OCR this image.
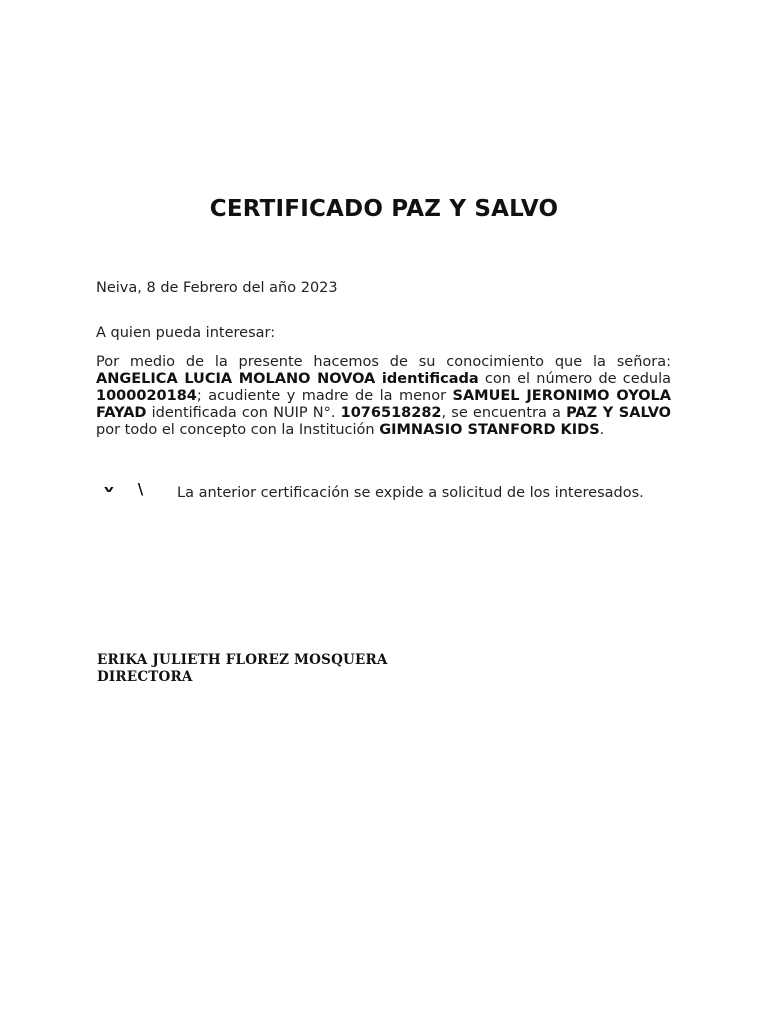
CERTIFICADO PAZ Y SALVO
Neiva, 8 de Febrero del año 2023
A quien pueda interesar:
Por medio de la presente hacemos de su conocimiento que la señora: ANGELICA LUCIA MOLANO NOVOA identificada con el número de cedula 1000020184; acudiente y madre de la menor SAMUEL JERONIMO OYOLA FAYAD identificada con NUIP N°. 1076518282, se encuentra a PAZ Y SALVO por todo el concepto con la Institución GIMNASIO STANFORD KIDS.
v \ La anterior certificación se expide a solicitud de los interesados.
ERIKA JULIETH FLOREZ MOSQUERA
DIRECTORA
